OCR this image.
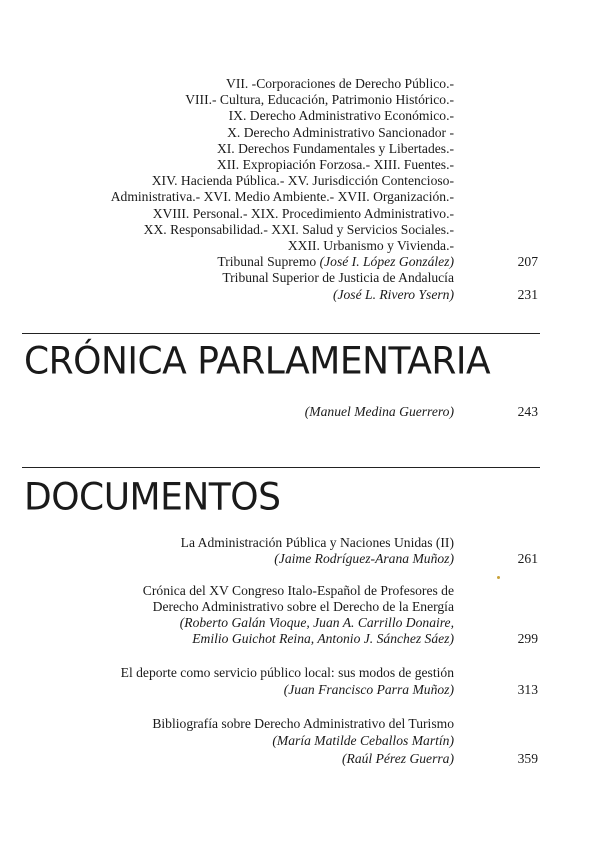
VII. -Corporaciones de Derecho Público.-
VIII.- Cultura, Educación, Patrimonio Histórico.-
IX. Derecho Administrativo Económico.-
X. Derecho Administrativo Sancionador -
XI. Derechos Fundamentales y Libertades.-
XII. Expropiación Forzosa.- XIII. Fuentes.-
XIV. Hacienda Pública.- XV. Jurisdicción Contencioso-
Administrativa.- XVI. Medio Ambiente.- XVII. Organización.-
XVIII. Personal.- XIX. Procedimiento Administrativo.-
XX. Responsabilidad.- XXI. Salud y Servicios Sociales.-
XXII. Urbanismo y Vivienda.-
Tribunal Supremo (José I. López González)	207
Tribunal Superior de Justicia de Andalucía
(José L. Rivero Ysern)	231
CRÓNICA PARLAMENTARIA
(Manuel Medina Guerrero)	243
DOCUMENTOS
La Administración Pública y Naciones Unidas (II)
(Jaime Rodríguez-Arana Muñoz)	261
Crónica del XV Congreso Italo-Español de Profesores de
Derecho Administrativo sobre el Derecho de la Energía
(Roberto Galán Vioque, Juan A. Carrillo Donaire,
Emilio Guichot Reina, Antonio J. Sánchez Sáez)	299
El deporte como servicio público local: sus modos de gestión
(Juan Francisco Parra Muñoz)	313
Bibliografía sobre Derecho Administrativo del Turismo
(María Matilde Ceballos Martín)
(Raúl Pérez Guerra)	359
